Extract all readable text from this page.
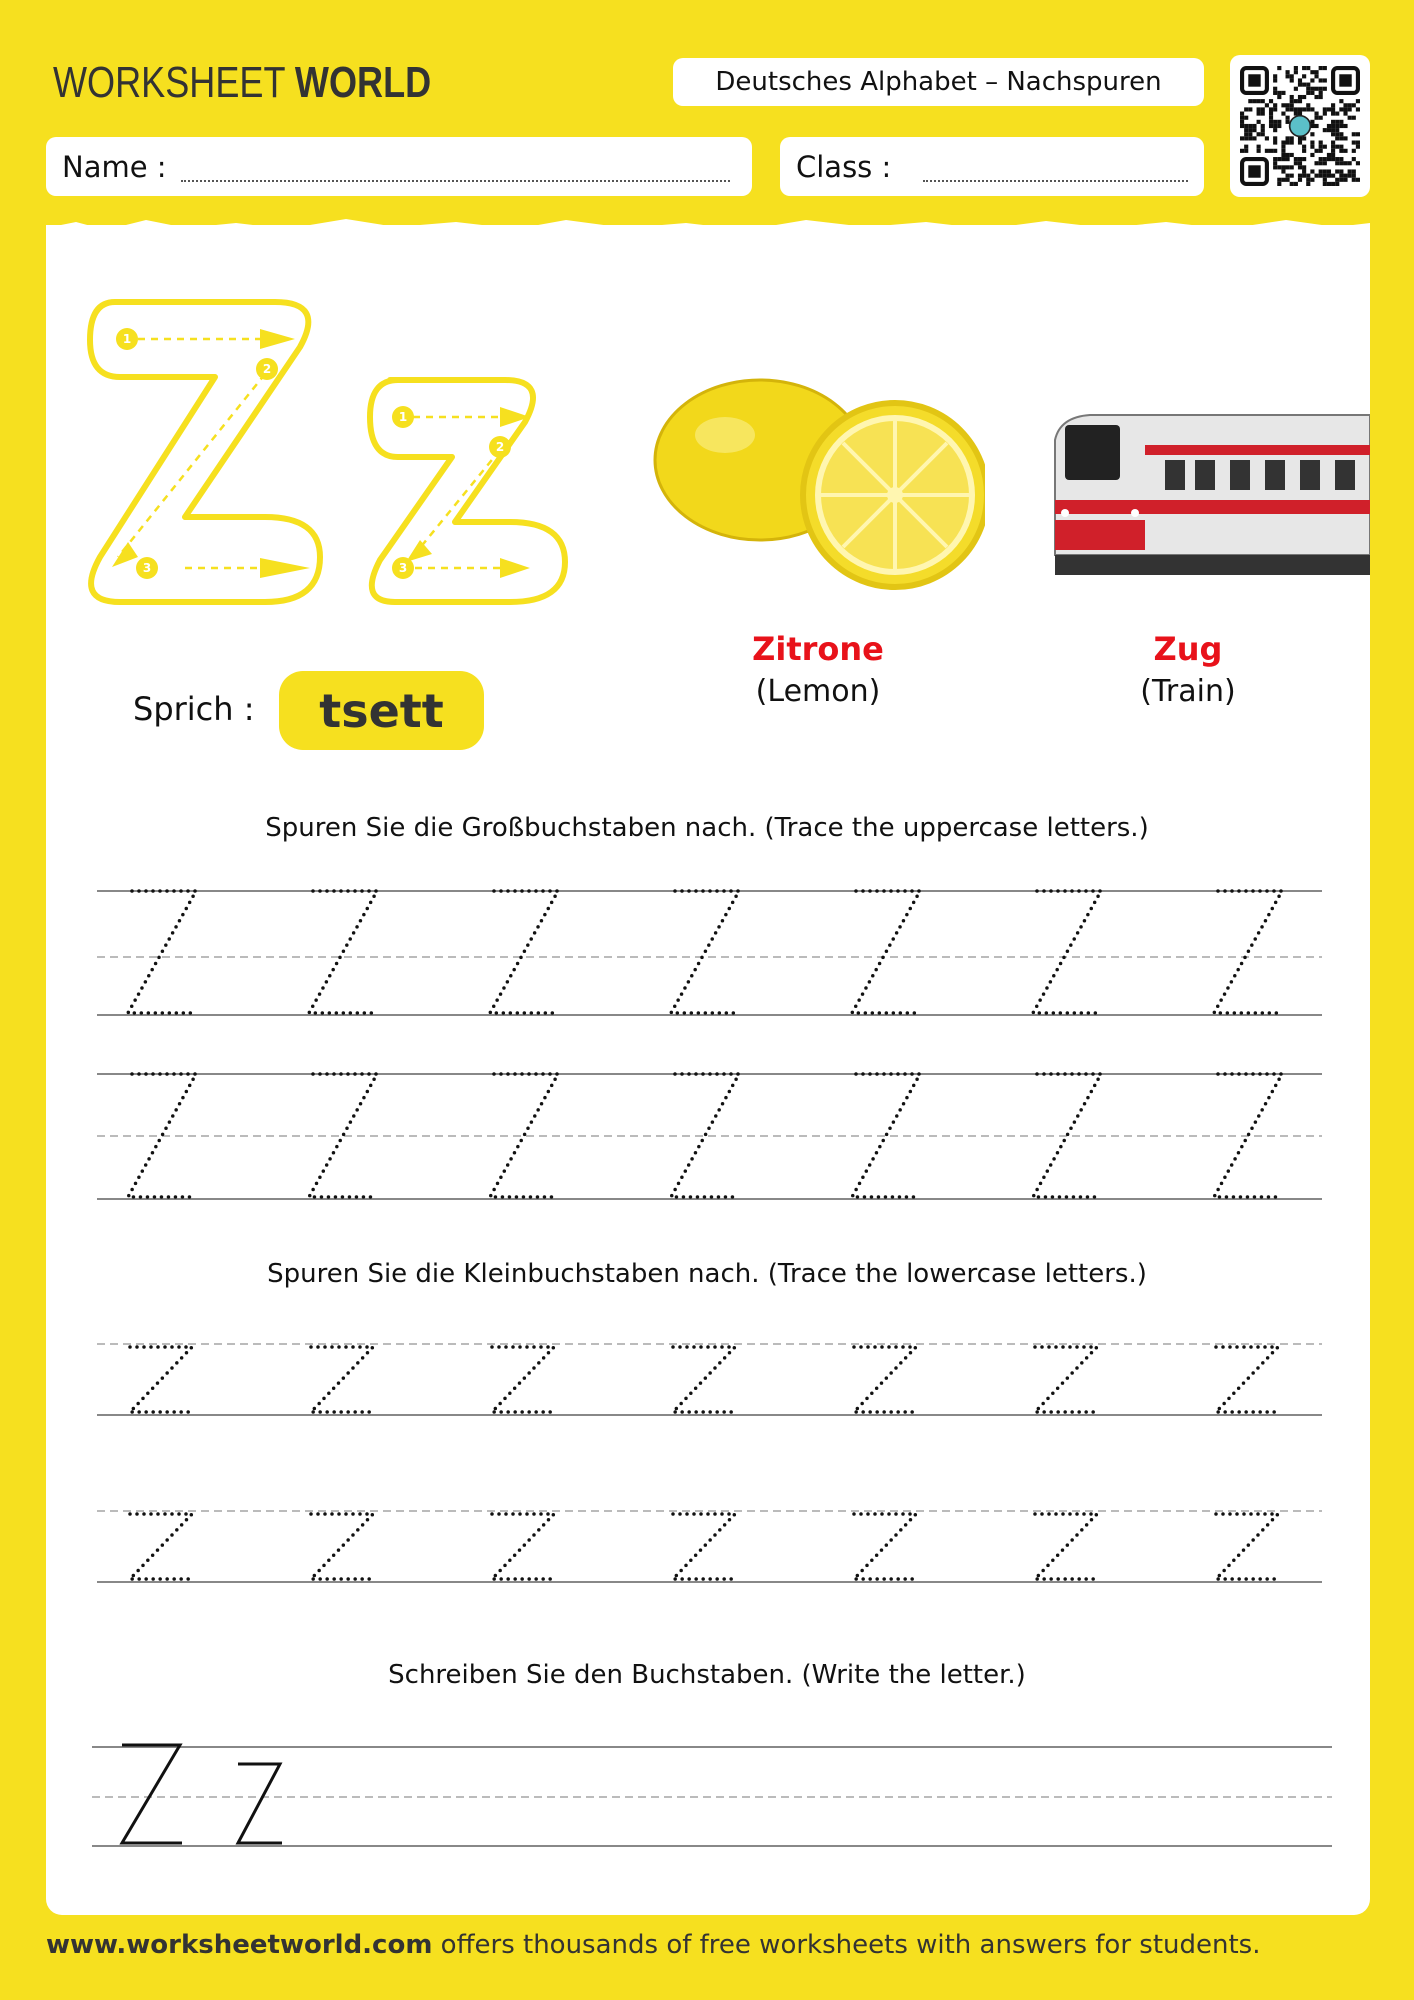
WORKSHEET WORLD	Deutsches Alphabet – Nachspuren
Name :	Class :
1
2
3
1
2
3
Zitrone
(Lemon)
Zug
(Train)
Sprich :	tsett
Spuren Sie die Großbuchstaben nach. (Trace the uppercase letters.)
Spuren Sie die Kleinbuchstaben nach. (Trace the lowercase letters.)
Schreiben Sie den Buchstaben. (Write the letter.)
www.worksheetworld.com offers thousands of free worksheets with answers for students.
